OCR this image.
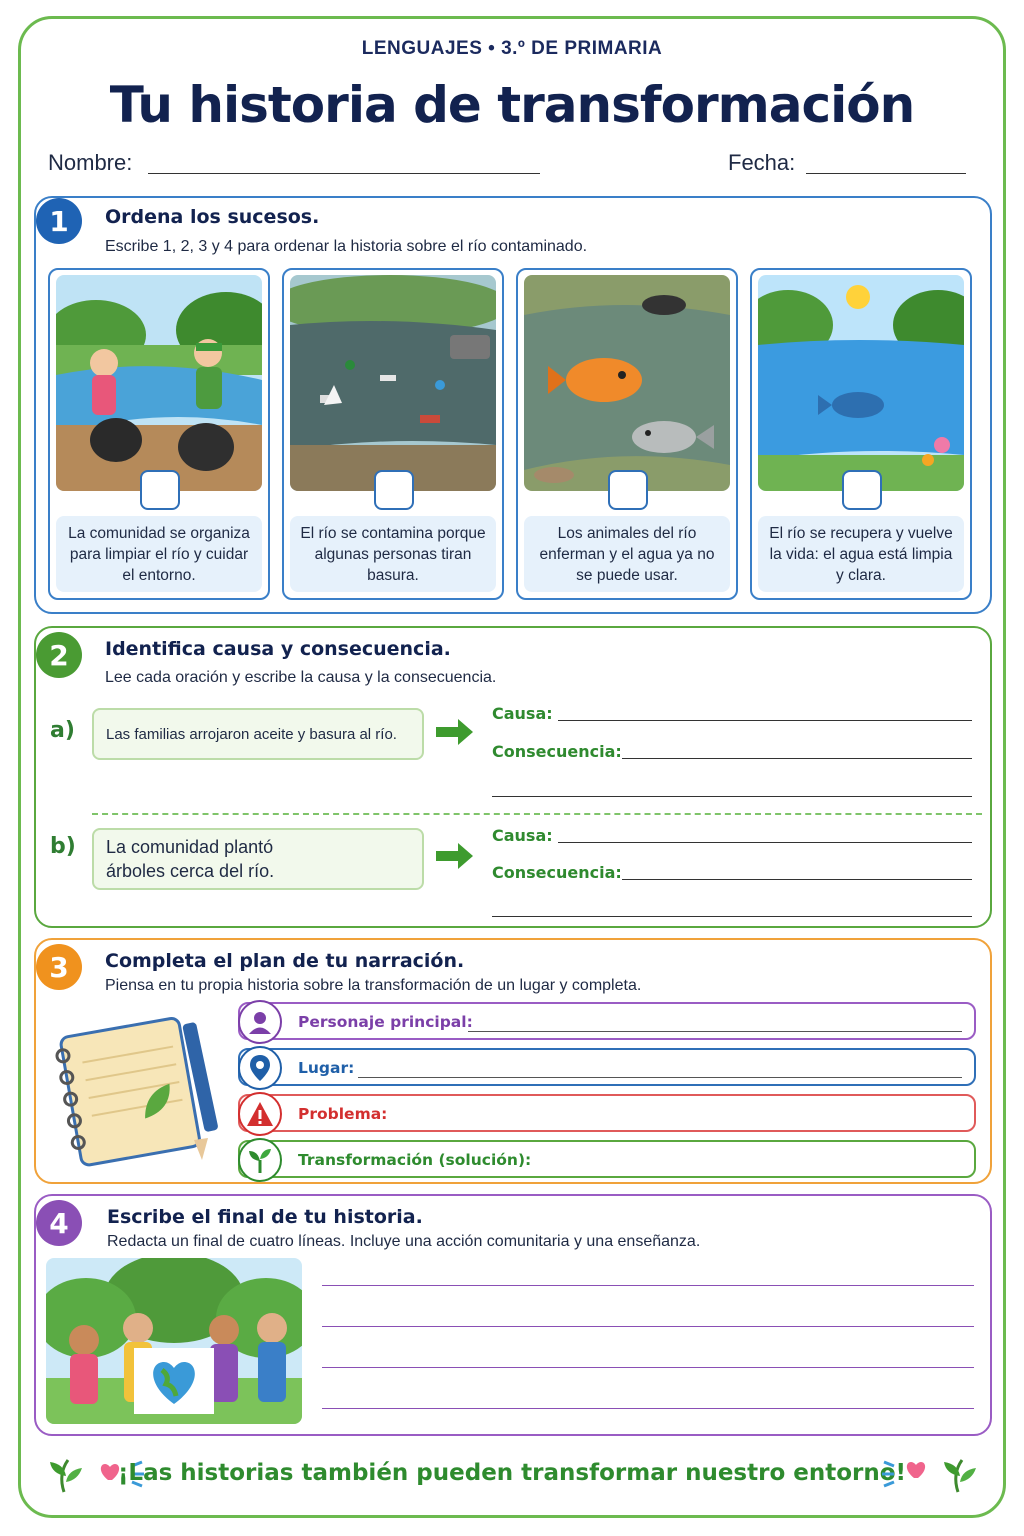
LENGUAJES • 3.º DE PRIMARIA
Tu historia de transformación
Nombre:	Fecha:
1	Ordena los sucesos.
Escribe 1, 2, 3 y 4 para ordenar la historia sobre el río contaminado.
La comunidad se organiza para limpiar el río y cuidar el entorno.
El río se contamina porque algunas personas tiran basura.
Los animales del río enferman y el agua ya no se puede usar.
El río se recupera y vuelve la vida: el agua está limpia y clara.
2	Identifica causa y consecuencia.
Lee cada oración y escribe la causa y la consecuencia.
a) Las familias arrojaron aceite y basura al río.
Causa:
Consecuencia:
b) La comunidad plantó árboles cerca del río.
Causa:
Consecuencia:
3	Completa el plan de tu narración.
Piensa en tu propia historia sobre la transformación de un lugar y completa.
Personaje principal:
Lugar:
Problema:
Transformación (solución):
4	Escribe el final de tu historia.
Redacta un final de cuatro líneas. Incluye una acción comunitaria y una enseñanza.
¡Las historias también pueden transformar nuestro entorno!
